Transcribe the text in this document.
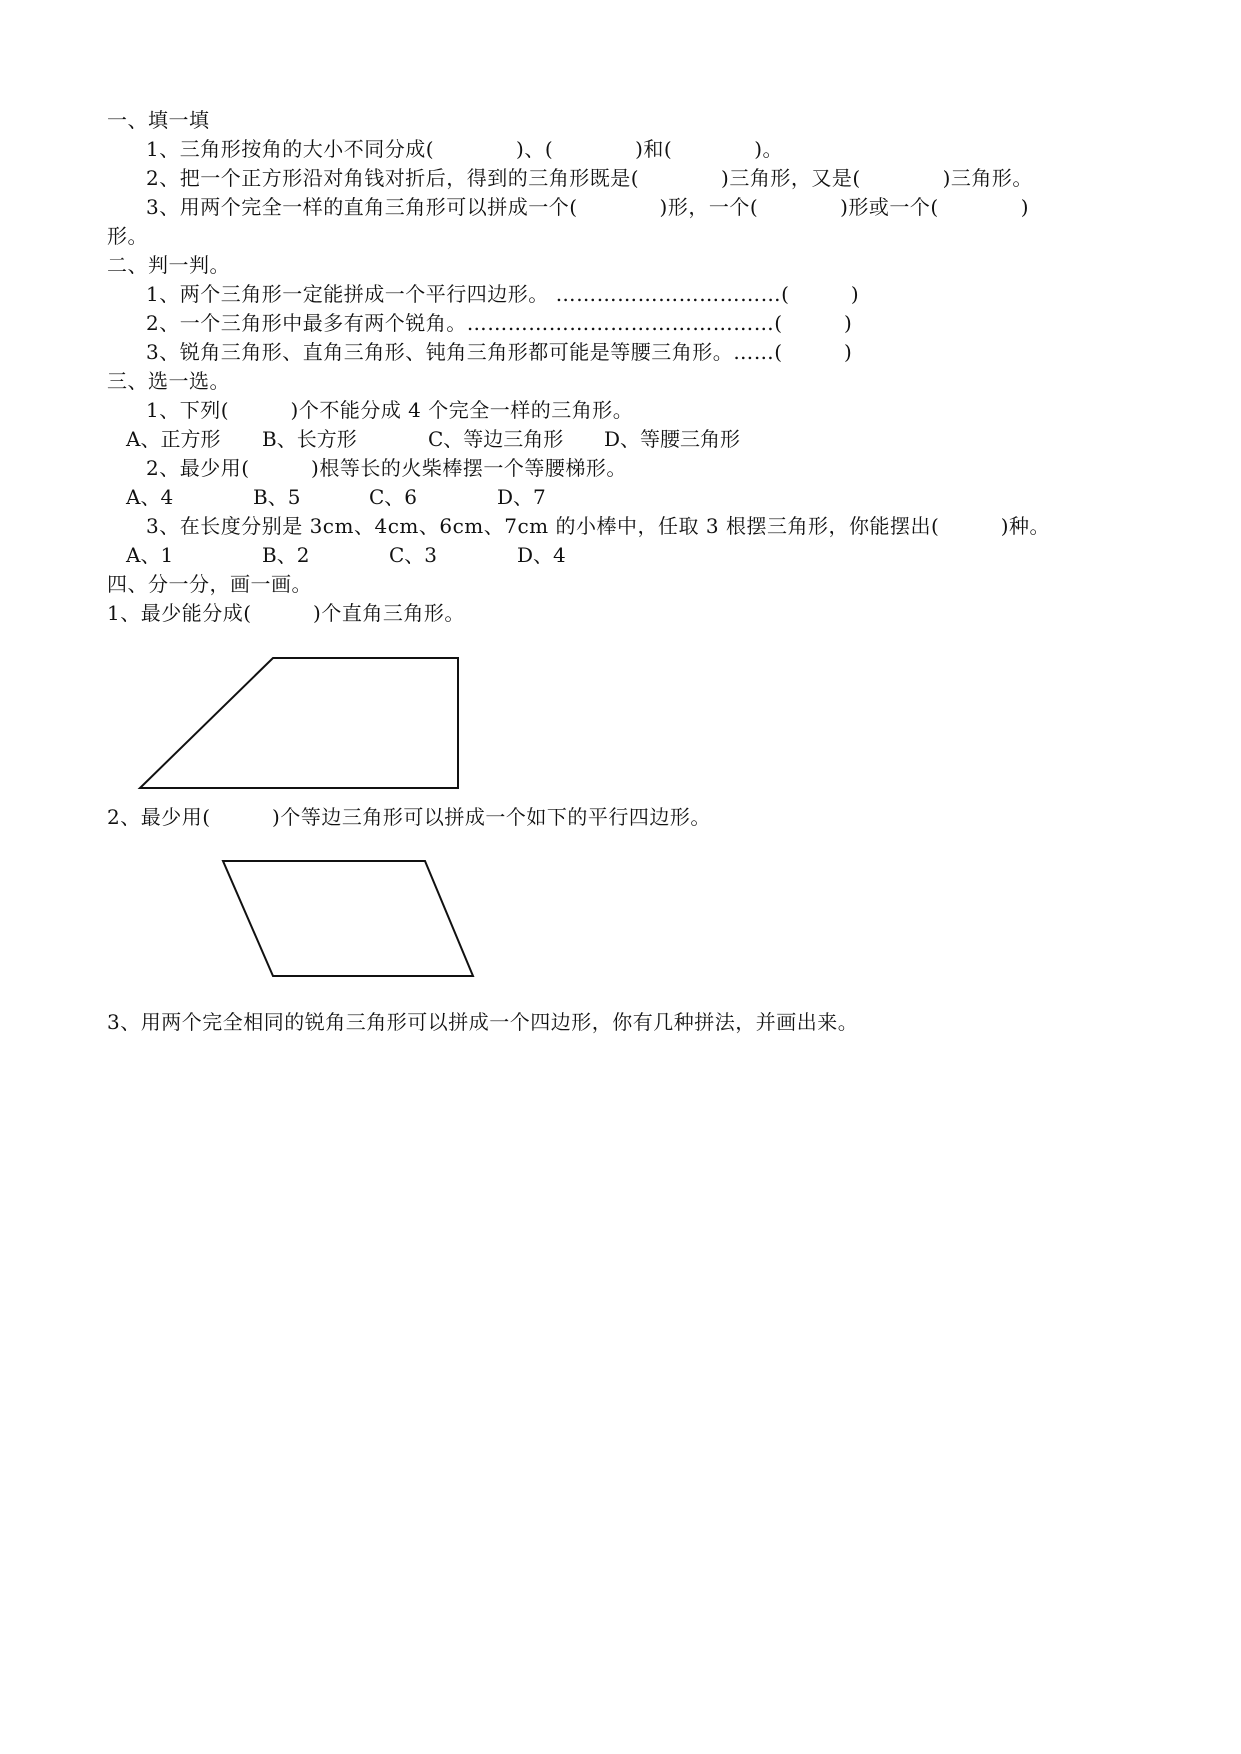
一、填一填
1、三角形按角的大小不同分成(　　　　)、(　　　　)和(　　　　)。
2、把一个正方形沿对角钱对折后，得到的三角形既是(　　　　)三角形，又是(　　　　)三角形。
3、用两个完全一样的直角三角形可以拼成一个(　　　　)形，一个(　　　　)形或一个(　　　　)
形。
二、判一判。
1、两个三角形一定能拼成一个平行四边形。 ……………………………(　　　)
2、一个三角形中最多有两个锐角。………………………………………(　　　)
3、锐角三角形、直角三角形、钝角三角形都可能是等腰三角形。……(　　　)
三、选一选。
1、下列(　　　)个不能分成 4 个完全一样的三角形。
A、正方形 B、长方形	C、等边三角形 D、等腰三角形
2、最少用(　　　)根等长的火柴棒摆一个等腰梯形。
A、4	B、5	C、6	D、7
3、在长度分别是 3cm、4cm、6cm、7cm 的小棒中，任取 3 根摆三角形，你能摆出(　　　)种。
A、1	B、2	C、3	D、4
四、分一分，画一画。
1、最少能分成(　　　)个直角三角形。
2、最少用(　　　)个等边三角形可以拼成一个如下的平行四边形。
3、用两个完全相同的锐角三角形可以拼成一个四边形，你有几种拼法，并画出来。
